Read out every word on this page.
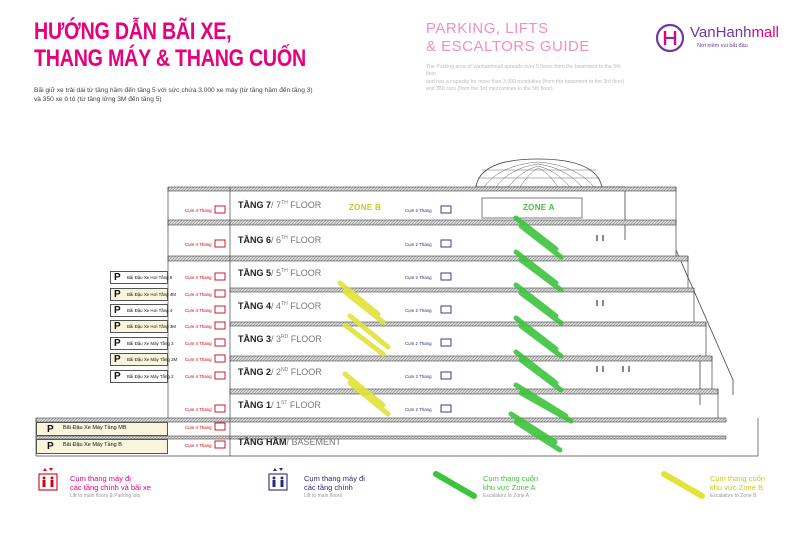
HƯỚNG DẪN BÃI XE,
THANG MÁY & THANG CUỐN
Bãi giữ xe trải dài từ tầng hầm đến tầng 5 với sức chứa 3.000 xe máy (từ tầng hầm đến tầng 3)
và 350 xe ô tô (từ tầng lửng 3M đến tầng 5)
PARKING, LIFTS
& ESCALTORS GUIDE
The Parking area of Vanhanhmall spreads over 9 floors from the basement to the 5th floor
and has a capacity for more than 3.000 motobikes (from the basement to the 3rd floor)
and 350 cars (from the 3rd mezzanines to the 5th floor)
VanHanhmall
Nơi niềm vui bắt đầu
TẦNG 7/ 7TH FLOOR
TẦNG 6/ 6TH FLOOR
TẦNG 5/ 5TH FLOOR
TẦNG 4/ 4TH FLOOR
TẦNG 3/ 3RD FLOOR
TẦNG 2/ 2ND FLOOR
TẦNG 1/ 1ST FLOOR
TẦNG HẦM/ BASEMENT
ZONE B	ZONE A
Cụm 4 Thang
Cụm 4 Thang
Cụm 4 Thang
Cụm 4 Thang
Cụm 4 Thang
Cụm 4 Thang
Cụm 4 Thang
Cụm 4 Thang
Cụm 4 Thang
Cụm 4 Thang
Cụm 4 Thang
Cụm 4 Thang
Cụm 2 Thang
Cụm 2 Thang
Cụm 2 Thang
Cụm 2 Thang
Cụm 2 Thang
Cụm 2 Thang
Cụm 2 Thang
P Bãi Đậu Xe Hơi Tầng 5
P Bãi Đậu Xe Hơi Tầng 4M
P Bãi Đậu Xe Hơi Tầng 4
P Bãi Đậu Xe Hơi Tầng 3M
P Bãi Đậu Xe Máy Tầng 3
P Bãi Đậu Xe Máy Tầng 2M
P Bãi Đậu Xe Máy Tầng 2
P Bãi Đậu Xe Máy Tầng MB
P Bãi Đậu Xe Máy Tầng B
Cụm thang máy đi
các tầng chính và bãi xe
Lift to main floors & Parking lots
Cụm thang máy đi
các tầng chính
Lift to main floors
Cụm thang cuốn
khu vực Zone A
Escalators to Zone A
Cụm thang cuốn
khu vực Zone B
Escalators to Zone B
